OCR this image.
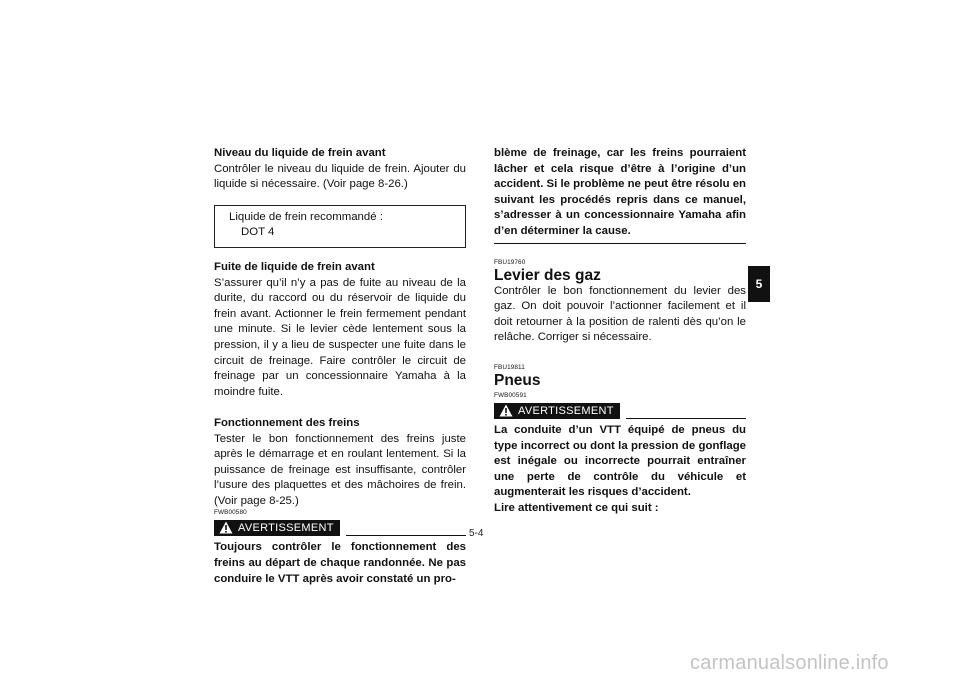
Niveau du liquide de frein avant

Contrôler le niveau du liquide de frein. Ajouter du liquide si nécessaire. (Voir page 8-26.)

Liquide de frein recommandé :
DOT 4

Fuite de liquide de frein avant

S’assurer qu’il n’y a pas de fuite au niveau de la durite, du raccord ou du réservoir de liquide du frein avant. Actionner le frein fermement pendant une minute. Si le levier cède lentement sous la pression, il y a lieu de suspecter une fuite dans le circuit de freinage. Faire contrôler le circuit de freinage par un concessionnaire Yamaha à la moindre fuite.

Fonctionnement des freins

Tester le bon fonctionnement des freins juste après le démarrage et en roulant lentement. Si la puissance de freinage est insuffisante, contrôler l’usure des plaquettes et des mâchoires de frein. (Voir page 8-25.)

FWB00580
AVERTISSEMENT

Toujours contrôler le fonctionnement des freins au départ de chaque randonnée. Ne pas conduire le VTT après avoir constaté un pro-

blème de freinage, car les freins pourraient lâcher et cela risque d’être à l’origine d’un accident. Si le problème ne peut être résolu en suivant les procédés repris dans ce manuel, s’adresser à un concessionnaire Yamaha afin d’en déterminer la cause.

FBU19760
Levier des gaz

Contrôler le bon fonctionnement du levier des gaz. On doit pouvoir l’actionner facilement et il doit retourner à la position de ralenti dès qu’on le relâche. Corriger si nécessaire.

FBU19811
Pneus
FWB00591
AVERTISSEMENT

La conduite d’un VTT équipé de pneus du type incorrect ou dont la pression de gonflage est inégale ou incorrecte pourrait entraîner une perte de contrôle du véhicule et augmenterait les risques d’accident.

Lire attentivement ce qui suit :

5
5-4
carmanualsonline.info
